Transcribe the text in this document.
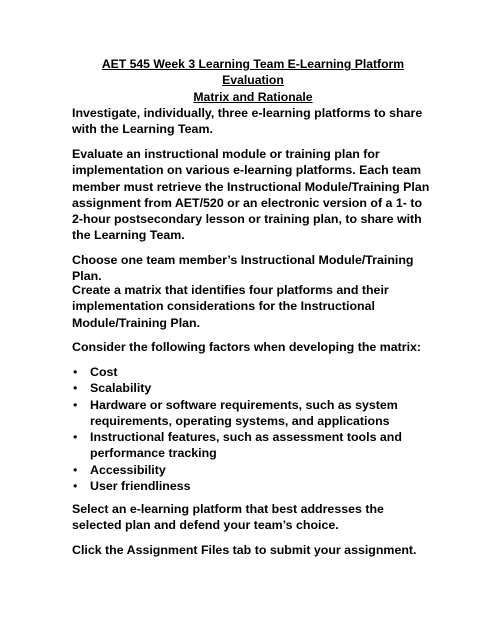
AET 545 Week 3 Learning Team E-Learning Platform Evaluation
Matrix and Rationale

Investigate, individually, three e-learning platforms to share with the Learning Team.

Evaluate an instructional module or training plan for implementation on various e-learning platforms. Each team member must retrieve the Instructional Module/Training Plan assignment from AET/520 or an electronic version of a 1- to 2-hour postsecondary lesson or training plan, to share with the Learning Team.

Choose one team member’s Instructional Module/Training Plan.

Create a matrix that identifies four platforms and their implementation considerations for the Instructional Module/Training Plan.

Consider the following factors when developing the matrix:

• Cost
• Scalability
• Hardware or software requirements, such as system requirements, operating systems, and applications
• Instructional features, such as assessment tools and performance tracking
• Accessibility
• User friendliness

Select an e-learning platform that best addresses the selected plan and defend your team’s choice.

Click the Assignment Files tab to submit your assignment.
